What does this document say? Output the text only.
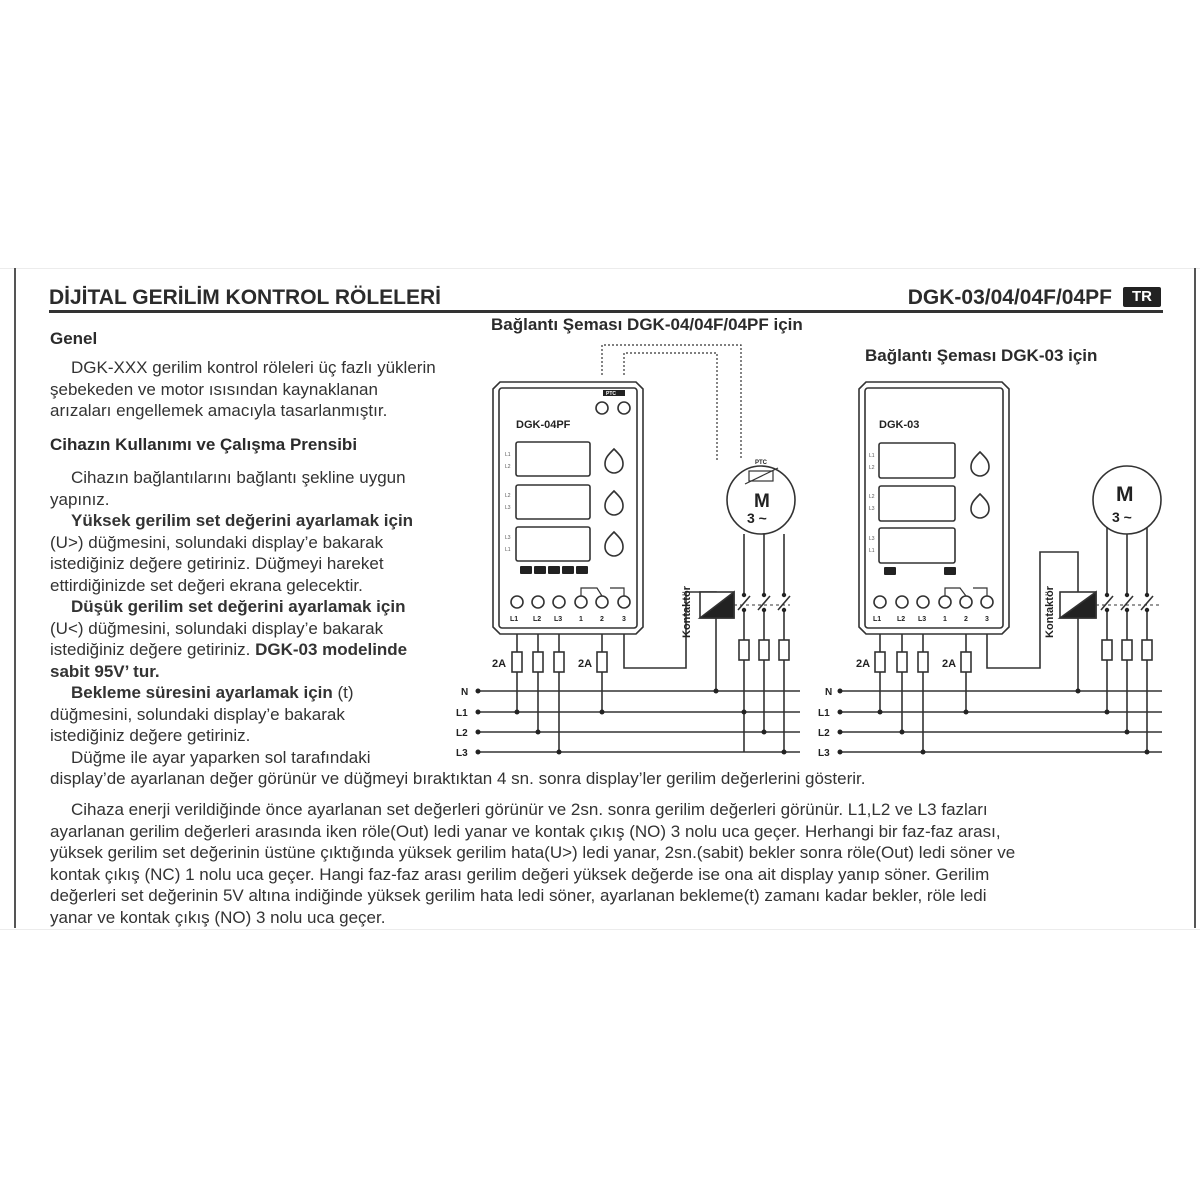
DİJİTAL GERİLİM KONTROL RÖLELERİ	DGK-03/04/04F/04PF	TR
Genel
DGK-XXX gerilim kontrol röleleri üç fazlı yüklerin
şebekeden ve motor ısısından kaynaklanan
arızaları engellemek amacıyla tasarlanmıştır.
Cihazın Kullanımı ve Çalışma Prensibi
Cihazın bağlantılarını bağlantı şekline uygun
yapınız.
Yüksek gerilim set değerini ayarlamak için
(U>) düğmesini, solundaki display’e bakarak
istediğiniz değere getiriniz. Düğmeyi hareket
ettirdiğinizde set değeri ekrana gelecektir.
Düşük gerilim set değerini ayarlamak için
(U<) düğmesini, solundaki display’e bakarak
istediğiniz değere getiriniz. DGK-03 modelinde
sabit 95V’ tur.
Bekleme süresini ayarlamak için (t)
düğmesini, solundaki display’e bakarak
istediğiniz değere getiriniz.
Düğme ile ayar yaparken sol tarafındaki
display’de ayarlanan değer görünür ve düğmeyi bıraktıktan 4 sn. sonra display’ler gerilim değerlerini gösterir.
Cihaza enerji verildiğinde önce ayarlanan set değerleri görünür ve 2sn. sonra gerilim değerleri görünür. L1,L2 ve L3 fazları
ayarlanan gerilim değerleri arasında iken röle(Out) ledi yanar ve kontak çıkış (NO) 3 nolu uca geçer. Herhangi bir faz-faz arası,
yüksek gerilim set değerinin üstüne çıktığında yüksek gerilim hata(U>) ledi yanar, 2sn.(sabit) bekler sonra röle(Out) ledi söner ve
kontak çıkış (NC) 1 nolu uca geçer. Hangi faz-faz arası gerilim değeri yüksek değerde ise ona ait display yanıp söner. Gerilim
değerleri set değerinin 5V altına indiğinde yüksek gerilim hata ledi söner, ayarlanan bekleme(t) zamanı kadar bekler, röle ledi
yanar ve kontak çıkış (NO) 3 nolu uca geçer.
Bağlantı Şeması DGK-04/04F/04PF için
Bağlantı Şeması DGK-03 için
DGK-04PF
PTC
PTC
M
3 ~
2A	2A
Kontaktör
N
L1
L2
L3
L1 L2 L3 1 2	3
L1
L2
L2
L3
L3
L1
DGK-03
M
3 ~
2A	2A
Kontaktör
N
L1
L2
L3
L1 L2 L3 1 2 3
L1
L2
L2
L3
L3
L1
